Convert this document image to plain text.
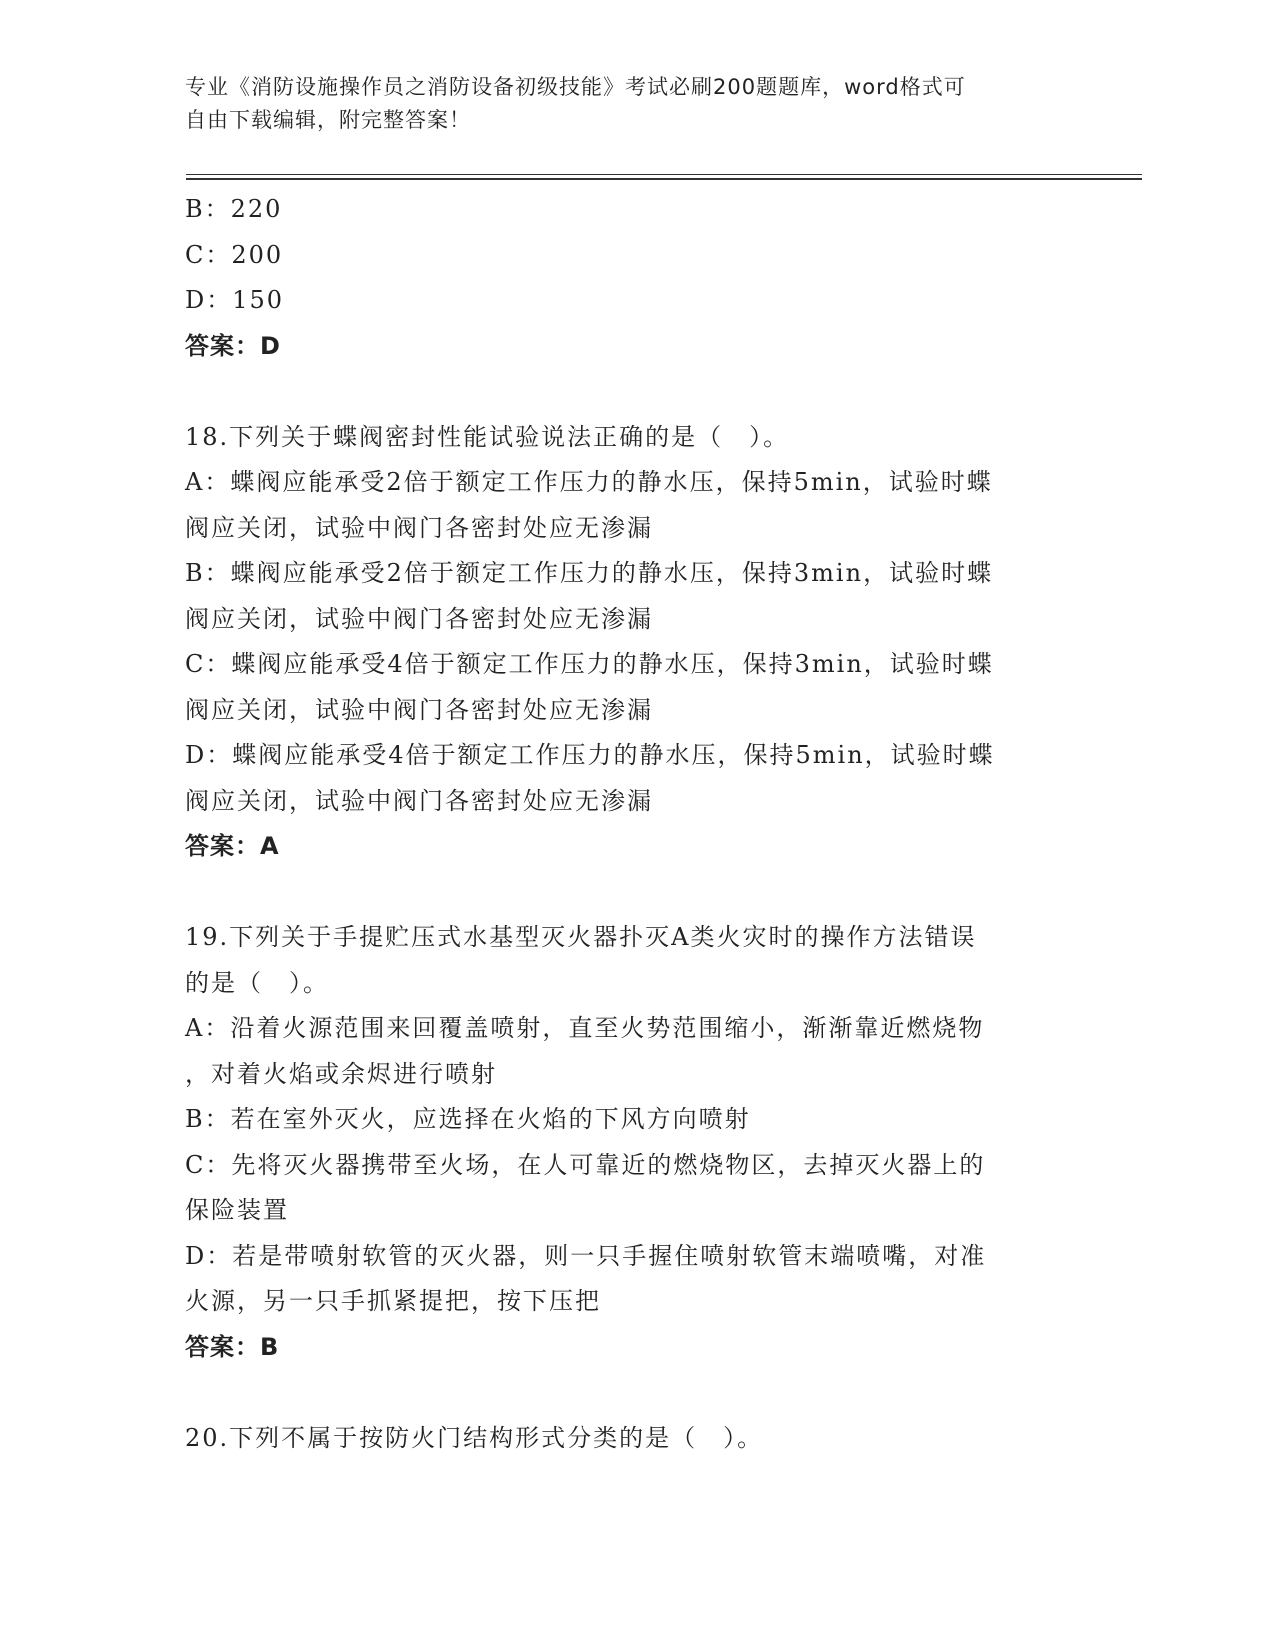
专业《消防设施操作员之消防设备初级技能》考试必刷200题题库，word格式可
自由下载编辑，附完整答案！

B：220

C：200

D：150

答案：D

18.下列关于蝶阀密封性能试验说法正确的是（　）。

A：蝶阀应能承受2倍于额定工作压力的静水压，保持5min，试验时蝶

阀应关闭，试验中阀门各密封处应无渗漏

B：蝶阀应能承受2倍于额定工作压力的静水压，保持3min，试验时蝶

阀应关闭，试验中阀门各密封处应无渗漏

C：蝶阀应能承受4倍于额定工作压力的静水压，保持3min，试验时蝶

阀应关闭，试验中阀门各密封处应无渗漏

D：蝶阀应能承受4倍于额定工作压力的静水压，保持5min，试验时蝶

阀应关闭，试验中阀门各密封处应无渗漏

答案：A

19.下列关于手提贮压式水基型灭火器扑灭A类火灾时的操作方法错误

的是（　）。

A：沿着火源范围来回覆盖喷射，直至火势范围缩小，渐渐靠近燃烧物

，对着火焰或余烬进行喷射

B：若在室外灭火，应选择在火焰的下风方向喷射

C：先将灭火器携带至火场，在人可靠近的燃烧物区，去掉灭火器上的

保险装置

D：若是带喷射软管的灭火器，则一只手握住喷射软管末端喷嘴，对准

火源，另一只手抓紧提把，按下压把

答案：B

20.下列不属于按防火门结构形式分类的是（　）。
